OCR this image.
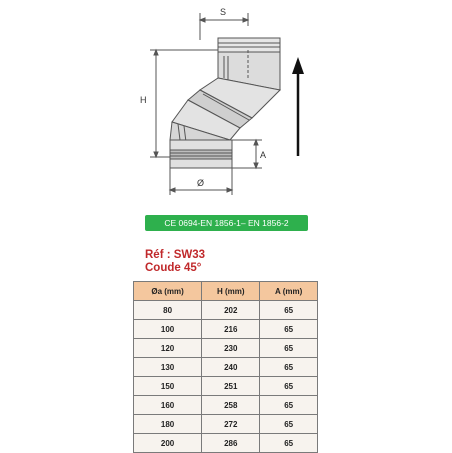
S
H
A
Ø
CE 0694-EN 1856-1– EN 1856-2
Réf : SW33
Coude 45°
Øa (mm)	H (mm)	A (mm)
80	202	65
100	216	65
120	230	65
130	240	65
150	251	65
160	258	65
180	272	65
200	286	65
